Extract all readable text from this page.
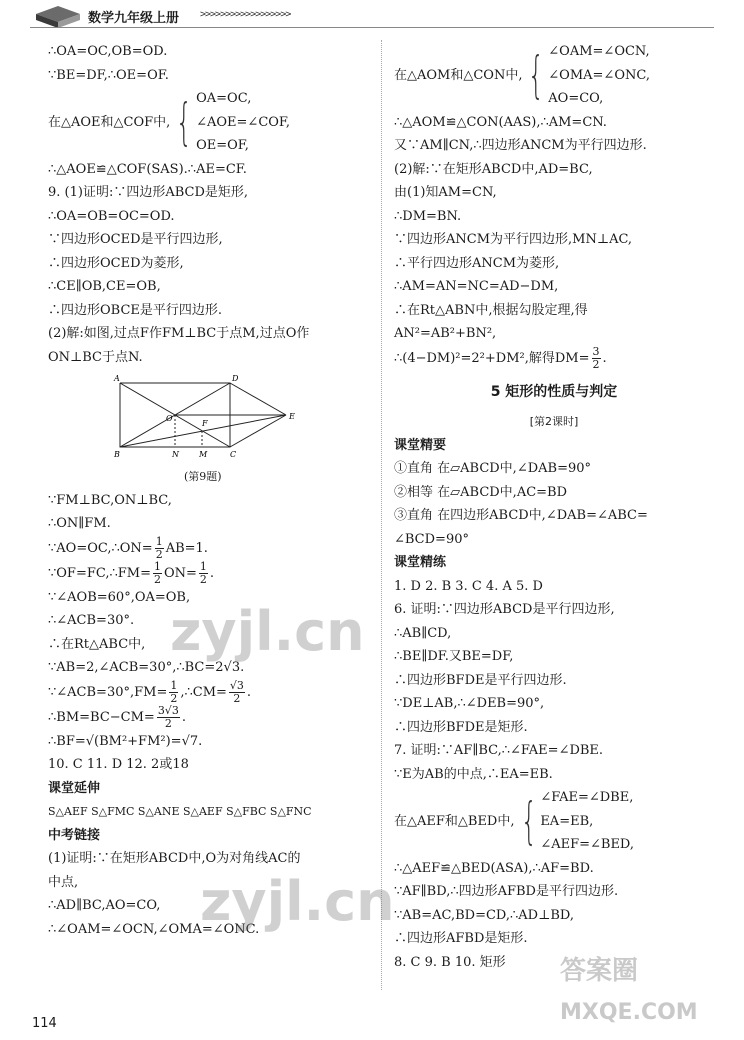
数学九年级上册 >>>>>>>>>>>>>>>>>>
∴OA=OC,OB=OD.
∵BE=DF,∴OE=OF.
在△AOE和△COF中, { OA=OC,
∠AOE=∠COF,
OE=OF,
∴△AOE≌△COF(SAS).∴AE=CF.
9. (1)证明:∵四边形ABCD是矩形,
∴OA=OB=OC=OD.
∵四边形OCED是平行四边形,
∴四边形OCED为菱形,
∴CE∥OB,CE=OB,
∴四边形OBCE是平行四边形.
(2)解:如图,过点F作FM⊥BC于点M,过点O作
ON⊥BC于点N.
A	D
O
F
E
B	N	M	C
(第9题)
∵FM⊥BC,ON⊥BC,
∴ON∥FM.
∵AO=OC,∴ON= $\frac{1}{2} AB=1$.
∵OF=FC,∴FM= $\frac{1}{2} ON= \frac{1}{2}$ .
∵∠AOB=60°,OA=OB,
∴∠ACB=30°.
∴在Rt△ABC中,
∵AB=2,∠ACB=30°,∴BC=2√3.
∵∠ACB=30°,FM= $\frac{1}{2}$ ,∴CM= $\frac{√3}{2}$ .
∴BM=BC−CM= $\frac{3√3}{2}$ .
∴BF=√(BM²+FM²)=√7.
10. C 11. D 12. 2或18
课堂延伸
S△AEF S△FMC S△ANE S△AEF S△FBC S△FNC
中考链接
(1)证明:∵在矩形ABCD中,O为对角线AC的
中点,
∴AD∥BC,AO=CO,
∴∠OAM=∠OCN,∠OMA=∠ONC.
在△AOM和△CON中, { ∠OAM=∠OCN,
∠OMA=∠ONC,
AO=CO,
∴△AOM≌△CON(AAS),∴AM=CN.
又∵AM∥CN,∴四边形ANCM为平行四边形.
(2)解:∵在矩形ABCD中,AD=BC,
由(1)知AM=CN,
∴DM=BN.
∵四边形ANCM为平行四边形,MN⊥AC,
∴平行四边形ANCM为菱形,
∴AM=AN=NC=AD−DM,
∴在Rt△ABN中,根据勾股定理,得
AN²=AB²+BN²,
∴(4−DM)²=2²+DM²,解得$DM= \frac{3}{2}$ .
5 矩形的性质与判定
[第2课时]
课堂精要
①直角 在▱ABCD中,∠DAB=90°
②相等 在▱ABCD中,AC=BD
③直角 在四边形ABCD中,∠DAB=∠ABC=
∠BCD=90°
课堂精练
1. D 2. B 3. C 4. A 5. D
6. 证明:∵四边形ABCD是平行四边形,
∴AB∥CD,
∴BE∥DF.又BE=DF,
∴四边形BFDE是平行四边形.
∵DE⊥AB,∴∠DEB=90°,
∴四边形BFDE是矩形.
7. 证明:∵AF∥BC,∴∠FAE=∠DBE.
∵E为AB的中点,∴EA=EB.
在△AEF和△BED中, { ∠FAE=∠DBE,
EA=EB,
∠AEF=∠BED,
∴△AEF≌△BED(ASA),∴AF=BD.
∵AF∥BD,∴四边形AFBD是平行四边形.
∵AB=AC,BD=CD,∴AD⊥BD,
∴四边形AFBD是矩形.
8. C 9. B 10. 矩形
114
zyjl.cn
zyjl.cn
答案圈
MXQE.COM
